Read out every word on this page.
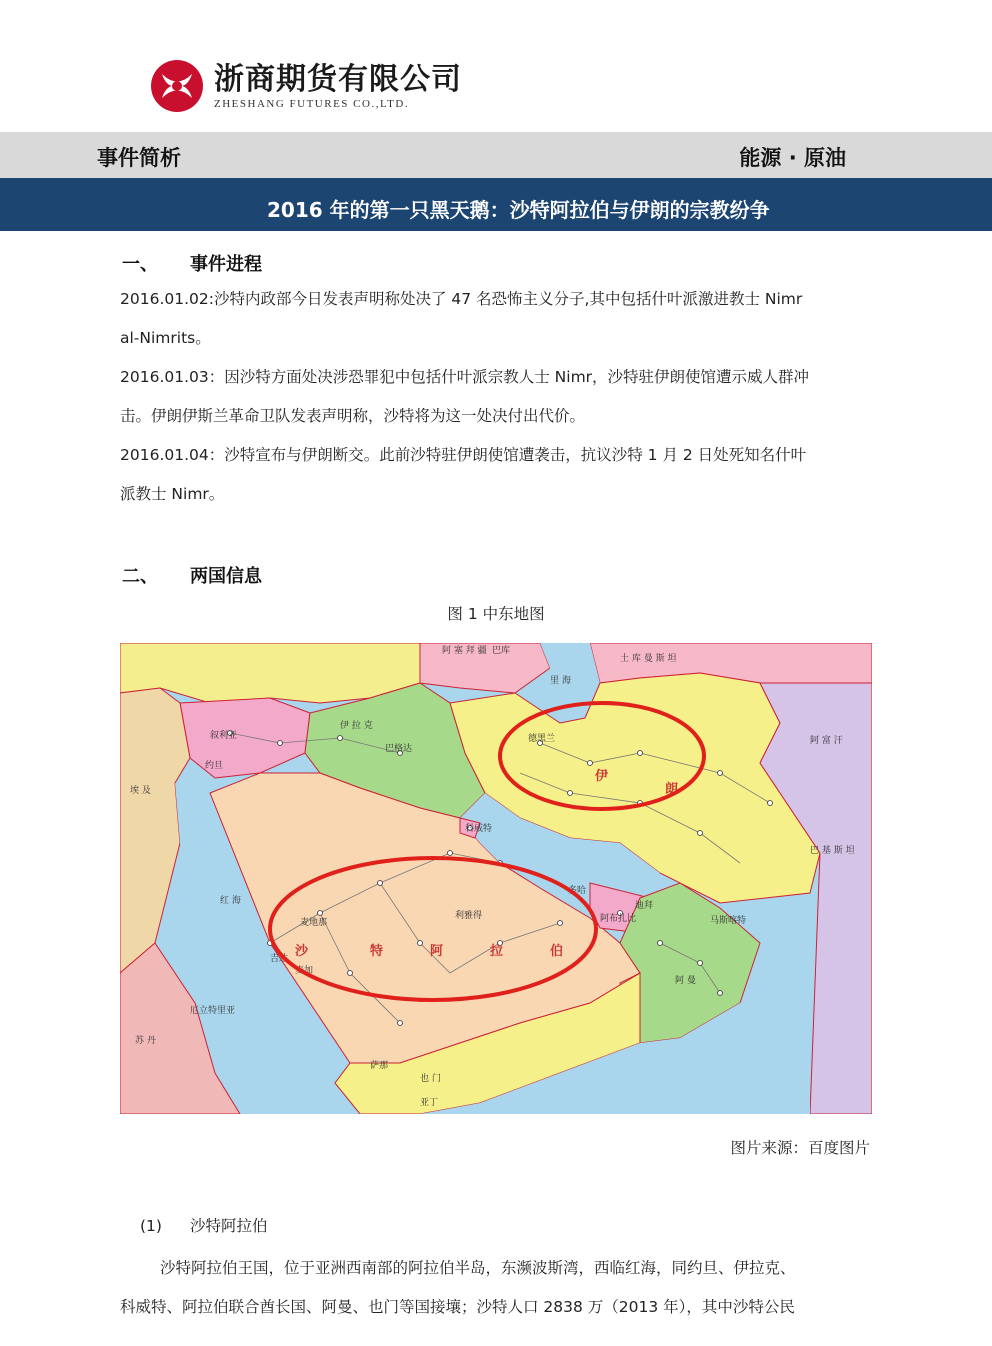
浙商期货有限公司
ZHESHANG FUTURES CO.,LTD.
事件简析	能源 · 原油
2016 年的第一只黑天鹅：沙特阿拉伯与伊朗的宗教纷争
一、 事件进程
2016.01.02:沙特内政部今日发表声明称处决了 47 名恐怖主义分子,其中包括什叶派激进教士 Nimr
al-Nimrits。
2016.01.03：因沙特方面处决涉恐罪犯中包括什叶派宗教人士 Nimr，沙特驻伊朗使馆遭示威人群冲
击。伊朗伊斯兰革命卫队发表声明称，沙特将为这一处决付出代价。
2016.01.04：沙特宣布与伊朗断交。此前沙特驻伊朗使馆遭袭击，抗议沙特 1 月 2 日处死知名什叶
派教士 Nimr。
二、 两国信息
图 1 中东地图
阿 塞 拜 疆 巴库
里 海
土 库 曼 斯 坦
叙利亚
约旦
伊 拉 克
巴格达
科威特
德黑兰
埃 及
苏 丹
厄立特里亚
红 海
麦地那
吉达
麦加
利雅得
多哈
阿布扎比
迪拜
马斯喀特
阿 曼
也 门
萨那
亚丁
阿 富 汗
巴 基 斯 坦
沙	特	阿	拉	伯
伊
朗
图片来源：百度图片
(1) 沙特阿拉伯
沙特阿拉伯王国，位于亚洲西南部的阿拉伯半岛，东濒波斯湾，西临红海，同约旦、伊拉克、
科威特、阿拉伯联合酋长国、阿曼、也门等国接壤；沙特人口 2838 万（2013 年），其中沙特公民
